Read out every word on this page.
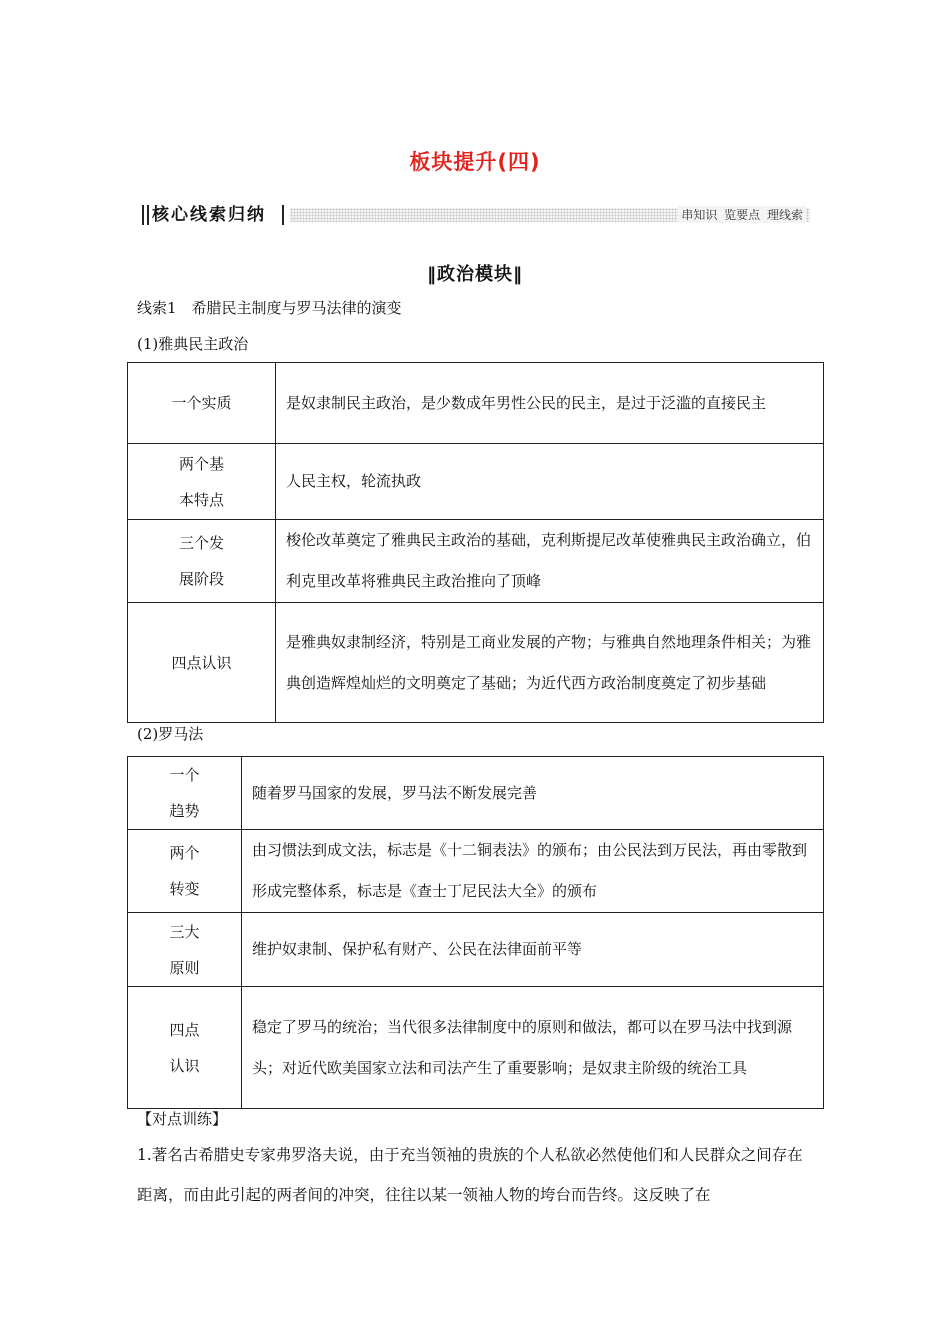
板块提升(四)
核心线索归纳	串知识 览要点 理线索
‖政治模块‖
线索1　希腊民主制度与罗马法律的演变
(1)雅典民主政治
一个实质	是奴隶制民主政治，是少数成年男性公民的民主，是过于泛滥的直接民主

两个基本特点	人民主权，轮流执政

三个发展阶段	梭伦改革奠定了雅典民主政治的基础，克利斯提尼改革使雅典民主政治确立，伯利克里改革将雅典民主政治推向了顶峰
四点认识	是雅典奴隶制经济，特别是工商业发展的产物；与雅典自然地理条件相关；为雅典创造辉煌灿烂的文明奠定了基础；为近代西方政治制度奠定了初步基础
(2)罗马法
一个趋势	随着罗马国家的发展，罗马法不断发展完善

两个转变	由习惯法到成文法，标志是《十二铜表法》的颁布；由公民法到万民法，再由零散到形成完整体系，标志是《查士丁尼民法大全》的颁布

三大原则	维护奴隶制、保护私有财产、公民在法律面前平等

四点认识	稳定了罗马的统治；当代很多法律制度中的原则和做法，都可以在罗马法中找到源头；对近代欧美国家立法和司法产生了重要影响；是奴隶主阶级的统治工具
【对点训练】
1.著名古希腊史专家弗罗洛夫说，由于充当领袖的贵族的个人私欲必然使他们和人民群众之间存在距离，而由此引起的两者间的冲突，往往以某一领袖人物的垮台而告终。这反映了在
